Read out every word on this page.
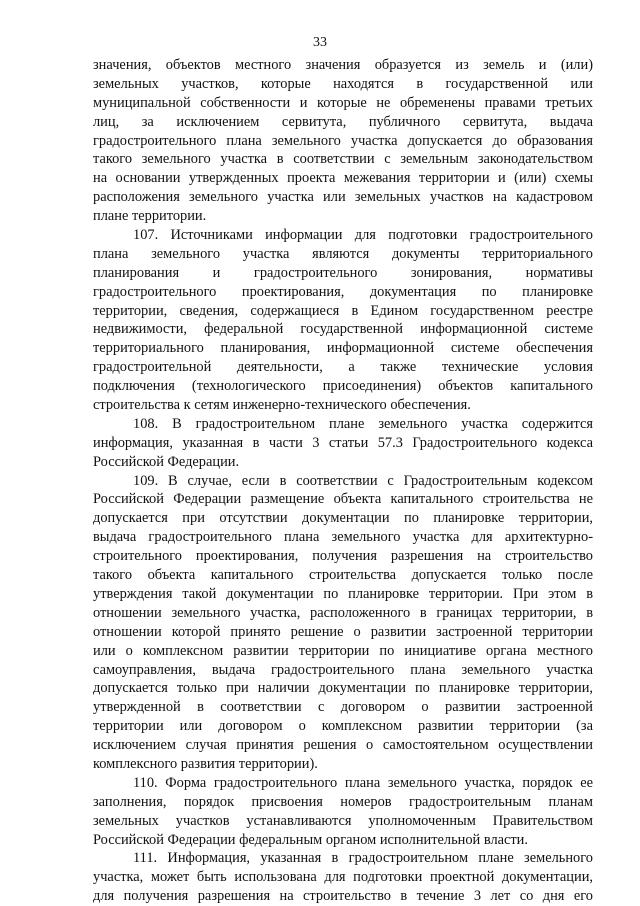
33
значения, объектов местного значения образуется из земель и (или)
земельных участков, которые находятся в государственной или
муниципальной собственности и которые не обременены правами третьих
лиц, за исключением сервитута, публичного сервитута, выдача
градостроительного плана земельного участка допускается до образования
такого земельного участка в соответствии с земельным законодательством
на основании утвержденных проекта межевания территории и (или) схемы
расположения земельного участка или земельных участков на кадастровом
плане территории.
107. Источниками информации для подготовки градостроительного
плана земельного участка являются документы территориального
планирования и градостроительного зонирования, нормативы
градостроительного проектирования, документация по планировке
территории, сведения, содержащиеся в Едином государственном реестре
недвижимости, федеральной государственной информационной системе
территориального планирования, информационной системе обеспечения
градостроительной деятельности, а также технические условия
подключения (технологического присоединения) объектов капитального
строительства к сетям инженерно-технического обеспечения.
108. В градостроительном плане земельного участка содержится
информация, указанная в части 3 статьи 57.3 Градостроительного кодекса
Российской Федерации.
109. В случае, если в соответствии с Градостроительным кодексом
Российской Федерации размещение объекта капитального строительства не
допускается при отсутствии документации по планировке территории,
выдача градостроительного плана земельного участка для архитектурно-
строительного проектирования, получения разрешения на строительство
такого объекта капитального строительства допускается только после
утверждения такой документации по планировке территории. При этом в
отношении земельного участка, расположенного в границах территории, в
отношении которой принято решение о развитии застроенной территории
или о комплексном развитии территории по инициативе органа местного
самоуправления, выдача градостроительного плана земельного участка
допускается только при наличии документации по планировке территории,
утвержденной в соответствии с договором о развитии застроенной
территории или договором о комплексном развитии территории (за
исключением случая принятия решения о самостоятельном осуществлении
комплексного развития территории).
110. Форма градостроительного плана земельного участка, порядок ее
заполнения, порядок присвоения номеров градостроительным планам
земельных участков устанавливаются уполномоченным Правительством
Российской Федерации федеральным органом исполнительной власти.
111. Информация, указанная в градостроительном плане земельного
участка, может быть использована для подготовки проектной документации,
для получения разрешения на строительство в течение 3 лет со дня его
